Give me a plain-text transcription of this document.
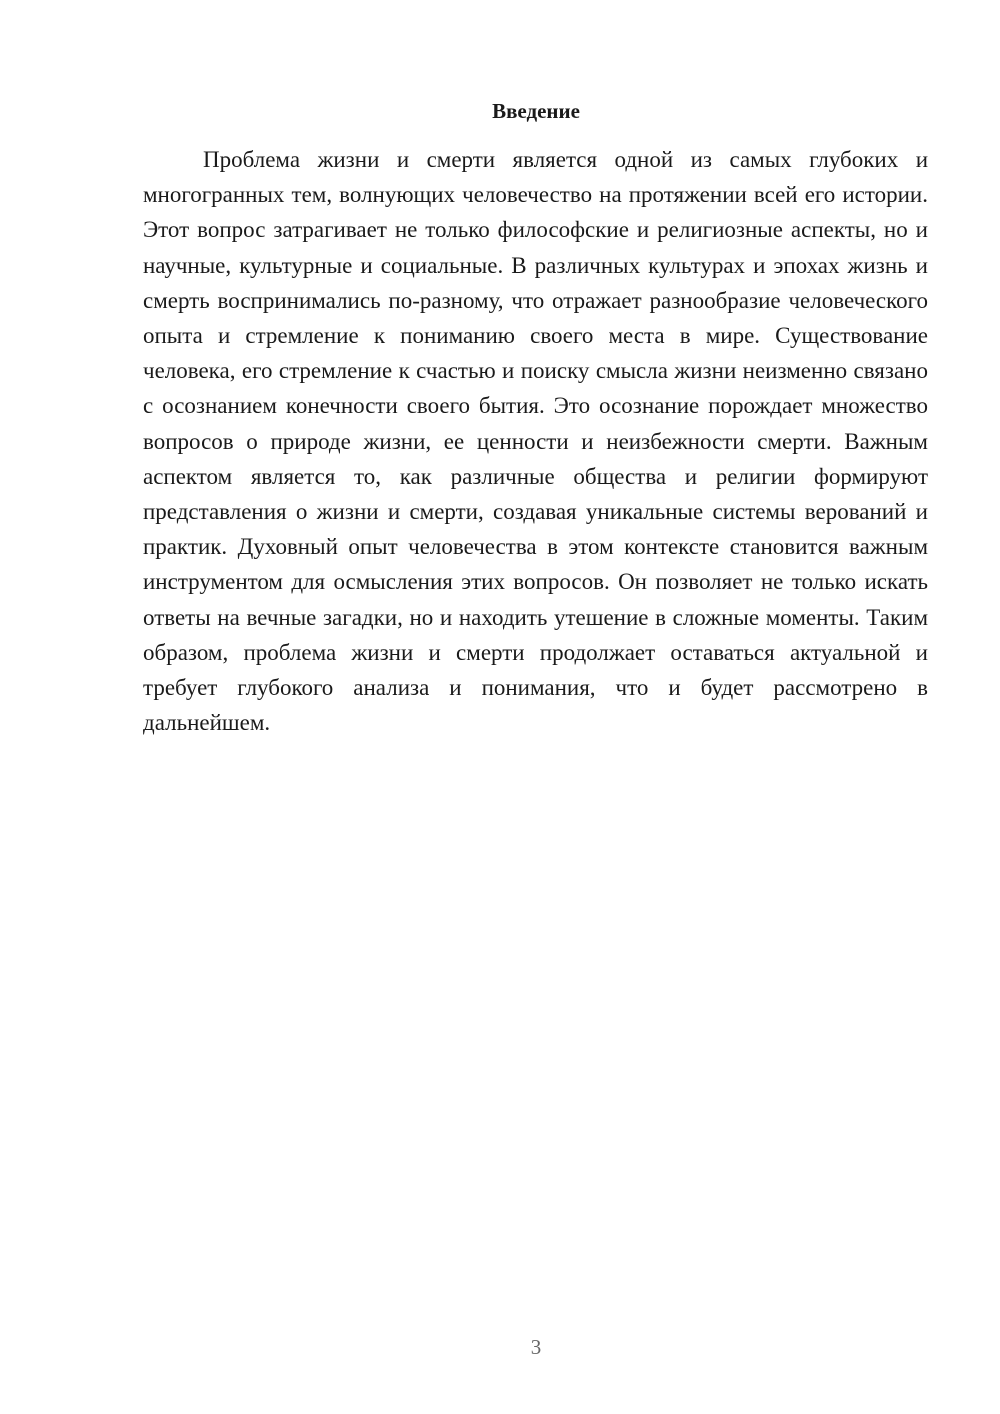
Введение

Проблема жизни и смерти является одной из самых глубоких и многогранных тем, волнующих человечество на протяжении всей его истории. Этот вопрос затрагивает не только философские и религиозные аспекты, но и научные, культурные и социальные. В различных культурах и эпохах жизнь и смерть воспринимались по-разному, что отражает разнообразие человеческого опыта и стремление к пониманию своего места в мире. Существование человека, его стремление к счастью и поиску смысла жизни неизменно связано с осознанием конечности своего бытия. Это осознание порождает множество вопросов о природе жизни, ее ценности и неизбежности смерти. Важным аспектом является то, как различные общества и религии формируют представления о жизни и смерти, создавая уникальные системы верований и практик. Духовный опыт человечества в этом контексте становится важным инструментом для осмысления этих вопросов. Он позволяет не только искать ответы на вечные загадки, но и находить утешение в сложные моменты. Таким образом, проблема жизни и смерти продолжает оставаться актуальной и требует глубокого анализа и понимания, что и будет рассмотрено в дальнейшем.

3
